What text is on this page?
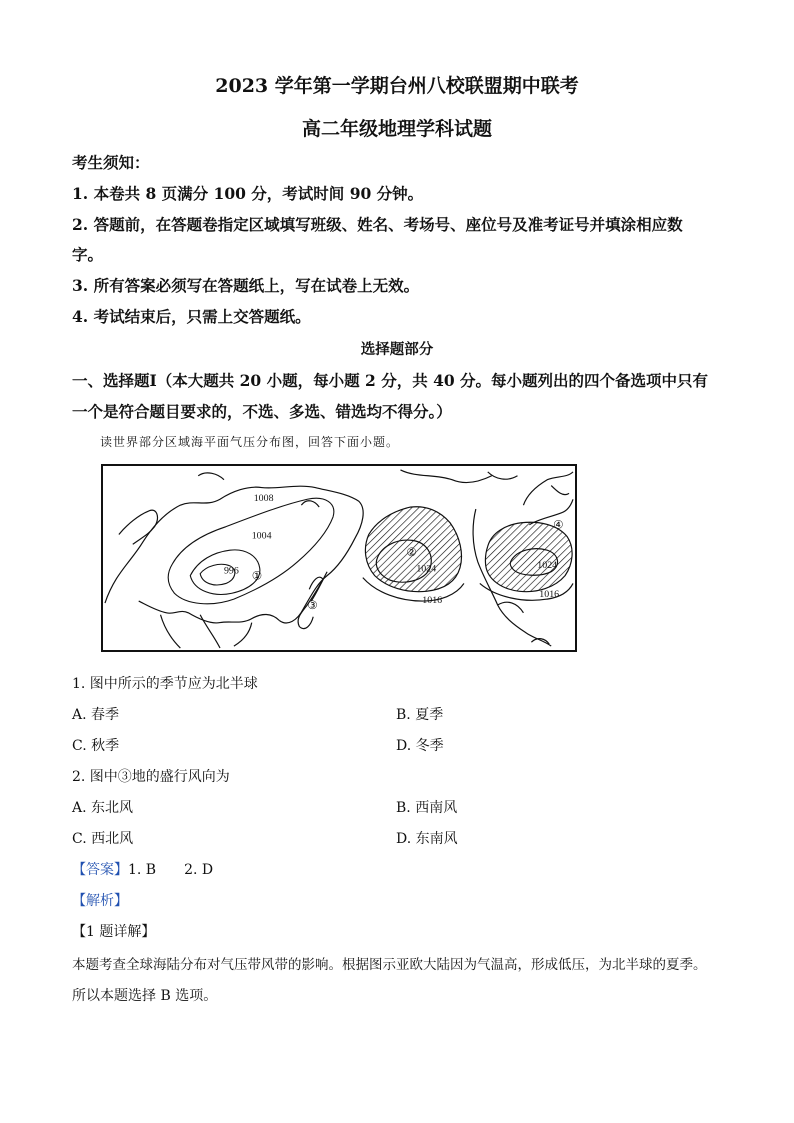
2023 学年第一学期台州八校联盟期中联考
高二年级地理学科试题
考生须知：
1. 本卷共 8 页满分 100 分，考试时间 90 分钟。
2. 答题前，在答题卷指定区域填写班级、姓名、考场号、座位号及准考证号并填涂相应数
字。
3. 所有答案必须写在答题纸上，写在试卷上无效。
4. 考试结束后，只需上交答题纸。
选择题部分
一、选择题Ⅰ（本大题共 20 小题，每小题 2 分，共 40 分。每小题列出的四个备选项中只有
一个是符合题目要求的，不选、多选、错选均不得分。）
读世界部分区域海平面气压分布图，回答下面小题。
1008
1004
996	1024
1016
1024
1016
①
②
③
④
1. 图中所示的季节应为北半球
A. 春季	B. 夏季
C. 秋季	D. 冬季
2. 图中③地的盛行风向为
A. 东北风	B. 西南风
C. 西北风	D. 东南风
【答案】1. B　　2. D
【解析】
【1 题详解】
本题考查全球海陆分布对气压带风带的影响。根据图示亚欧大陆因为气温高，形成低压，为北半球的夏季。
所以本题选择 B 选项。
